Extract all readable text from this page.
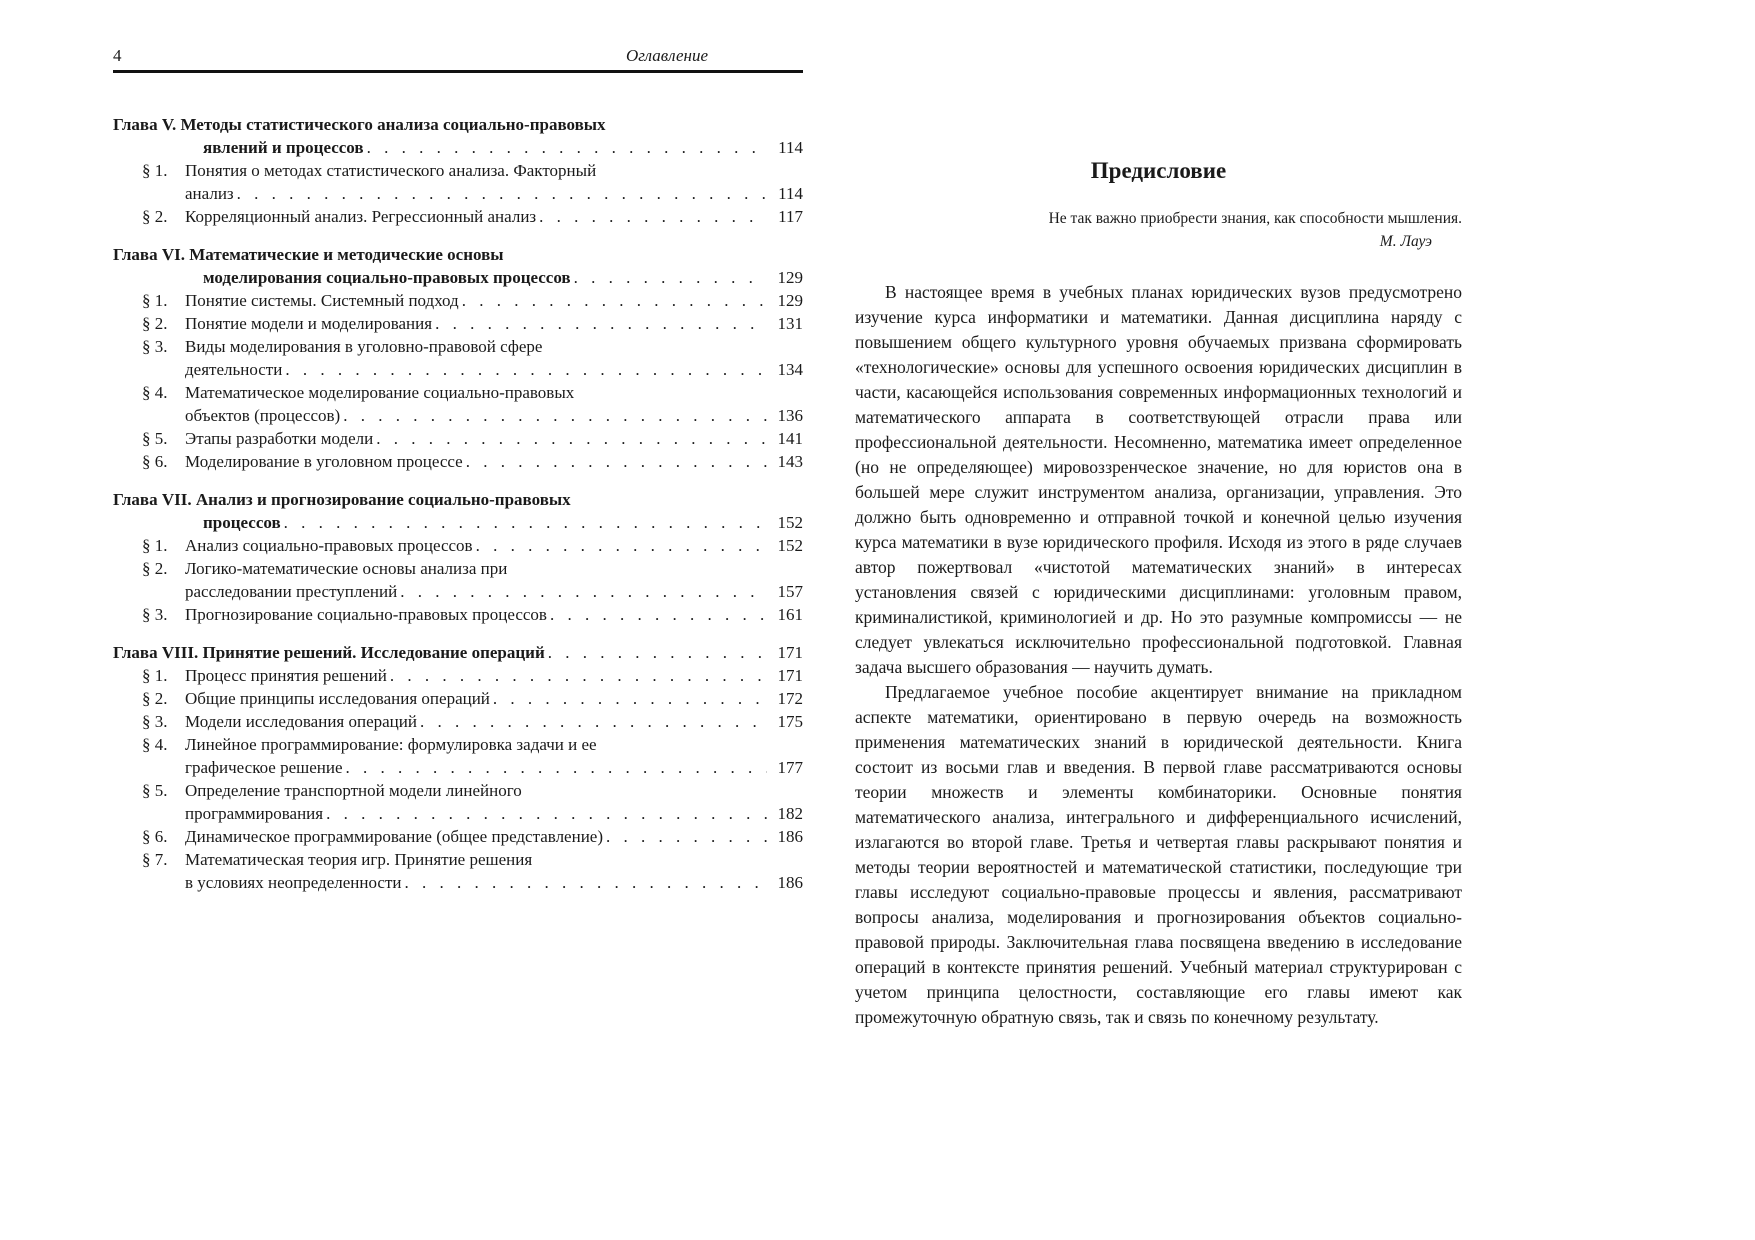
4	Оглавление
Глава V. Методы статистического анализа социально-правовых
явлений и процессов . . .	114
§ 1.	Понятия о методах статистического анализа. Факторный
анализ . . .	114
§ 2.	Корреляционный анализ. Регрессионный анализ . . .	117
Глава VI. Математические и методические основы
моделирования социально-правовых процессов . . .	129
§ 1.	Понятие системы. Системный подход . . .	129
§ 2.	Понятие модели и моделирования . . .	131
§ 3.	Виды моделирования в уголовно-правовой сфере
деятельности . . .	134
§ 4.	Математическое моделирование социально-правовых
объектов (процессов) . . .	136
§ 5.	Этапы разработки модели . . .	141
§ 6.	Моделирование в уголовном процессе . . .	143
Глава VII. Анализ и прогнозирование социально-правовых
процессов . . .	152
§ 1.	Анализ социально-правовых процессов . . .	152
§ 2.	Логико-математические основы анализа при
расследовании преступлений . . .	157
§ 3.	Прогнозирование социально-правовых процессов . . .	161
Глава VIII. Принятие решений. Исследование операций . . .	171
§ 1.	Процесс принятия решений . . .	171
§ 2.	Общие принципы исследования операций . . .	172
§ 3.	Модели исследования операций . . .	175
§ 4.	Линейное программирование: формулировка задачи и ее
графическое решение . . .	177
§ 5.	Определение транспортной модели линейного
программирования . . .	182
§ 6.	Динамическое программирование (общее представление) . . .	186
§ 7.	Математическая теория игр. Принятие решения
в условиях неопределенности . . .	186
Предисловие
Не так важно приобрести знания, как способности мышления.
М. Лауэ

В настоящее время в учебных планах юридических вузов предусмотрено изучение курса информатики и математики. Данная дисциплина наряду с повышением общего культурного уровня обучаемых призвана сформировать «технологические» основы для успешного освоения юридических дисциплин в части, касающейся использования современных информационных технологий и математического аппарата в соответствующей отрасли права или профессиональной деятельности. Несомненно, математика имеет определенное (но не определяющее) мировоззренческое значение, но для юристов она в большей мере служит инструментом анализа, организации, управления. Это должно быть одновременно и отправной точкой и конечной целью изучения курса математики в вузе юридического профиля. Исходя из этого в ряде случаев автор пожертвовал «чистотой математических знаний» в интересах установления связей с юридическими дисциплинами: уголовным правом, криминалистикой, криминологией и др. Но это разумные компромиссы — не следует увлекаться исключительно профессиональной подготовкой. Главная задача высшего образования — научить думать.

Предлагаемое учебное пособие акцентирует внимание на прикладном аспекте математики, ориентировано в первую очередь на возможность применения математических знаний в юридической деятельности. Книга состоит из восьми глав и введения. В первой главе рассматриваются основы теории множеств и элементы комбинаторики. Основные понятия математического анализа, интегрального и дифференциального исчислений, излагаются во второй главе. Третья и четвертая главы раскрывают понятия и методы теории вероятностей и математической статистики, последующие три главы исследуют социально-правовые процессы и явления, рассматривают вопросы анализа, моделирования и прогнозирования объектов социально-правовой природы. Заключительная глава посвящена введению в исследование операций в контексте принятия решений. Учебный материал структурирован с учетом принципа целостности, составляющие его главы имеют как промежуточную обратную связь, так и связь по конечному результату.
